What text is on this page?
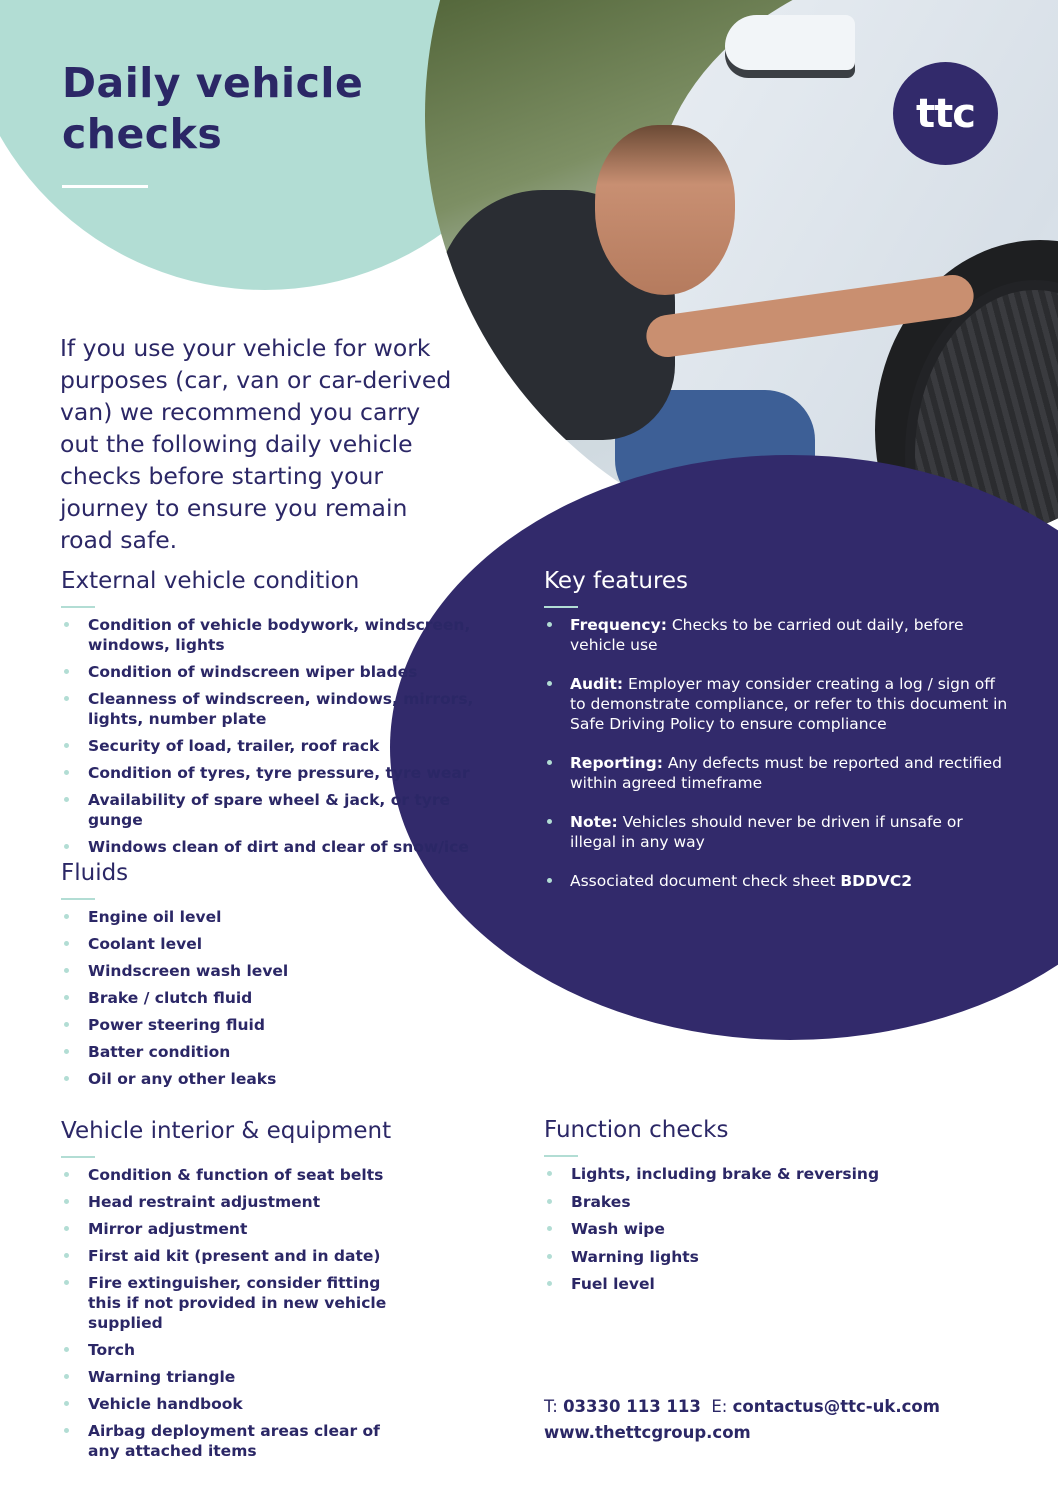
ttc
Daily vehicle
checks

If you use your vehicle for work purposes (car, van or car-derived van) we recommend you carry out the following daily vehicle checks before starting your journey to ensure you remain road safe.

External vehicle condition
Condition of vehicle bodywork, windscreen, windows, lights
Condition of windscreen wiper blades
Cleanness of windscreen, windows, mirrors, lights, number plate
Security of load, trailer, roof rack
Condition of tyres, tyre pressure, tyre wear
Availability of spare wheel & jack, or tyre gunge
Windows clean of dirt and clear of snow/ice
Fluids
Engine oil level
Coolant level
Windscreen wash level
Brake / clutch fluid
Power steering fluid
Batter condition
Oil or any other leaks
Vehicle interior & equipment
Condition & function of seat belts
Head restraint adjustment
Mirror adjustment
First aid kit (present and in date)
Fire extinguisher, consider fitting this if not provided in new vehicle supplied
Torch
Warning triangle
Vehicle handbook
Airbag deployment areas clear of any attached items
Key features
Frequency: Checks to be carried out daily, before vehicle use
Audit: Employer may consider creating a log / sign off to demonstrate compliance, or refer to this document in Safe Driving Policy to ensure compliance
Reporting: Any defects must be reported and rectified within agreed timeframe
Note: Vehicles should never be driven if unsafe or illegal in any way
Associated document check sheet BDDVC2
Function checks
Lights, including brake & reversing
Brakes
Wash wipe
Warning lights
Fuel level
T: 03330 113 113 E: contactus@ttc-uk.com
www.thettcgroup.com
